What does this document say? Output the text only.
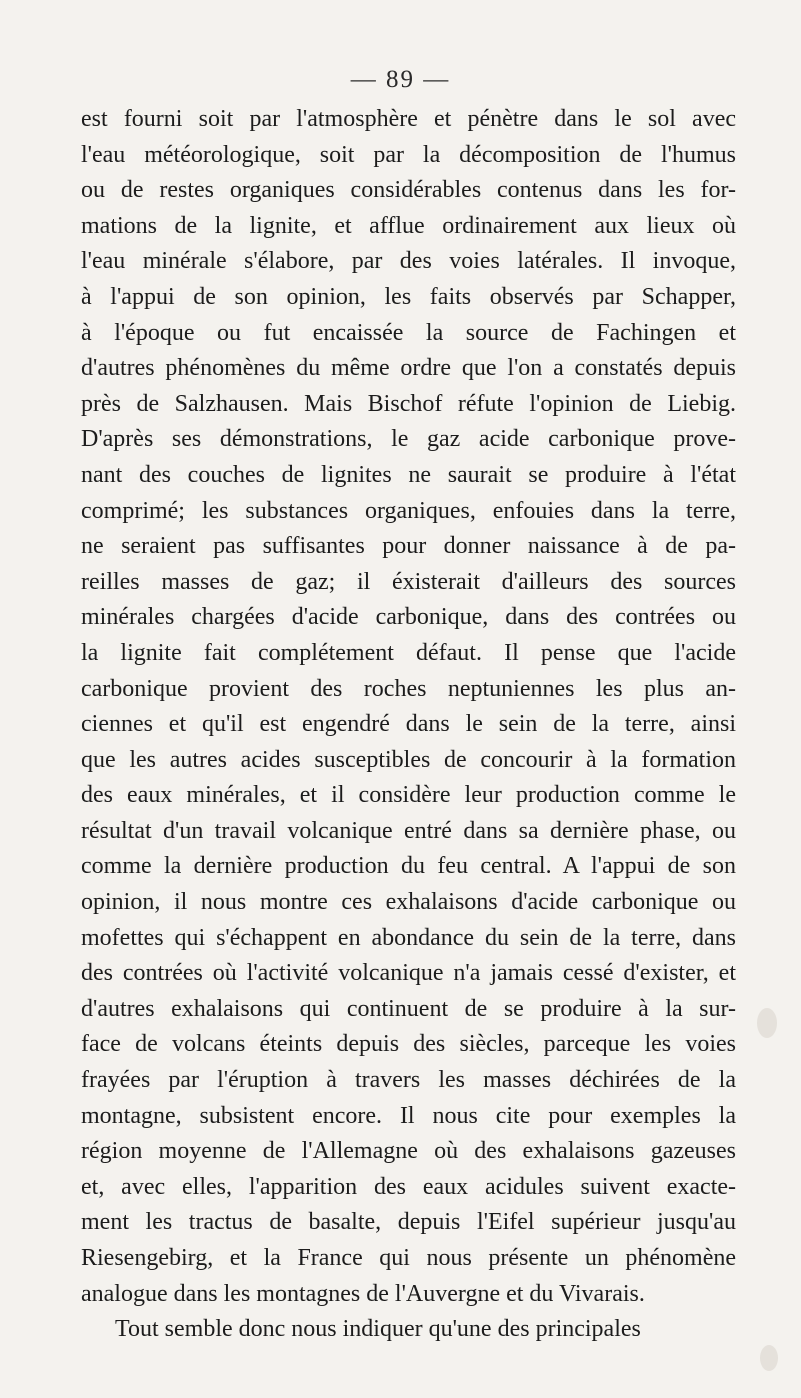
— 89 —
est fourni soit par l'atmosphère et pénètre dans le sol avec
l'eau météorologique, soit par la décomposition de l'humus
ou de restes organiques considérables contenus dans les for-
mations de la lignite, et afflue ordinairement aux lieux où
l'eau minérale s'élabore, par des voies latérales. Il invoque,
à l'appui de son opinion, les faits observés par Schapper,
à l'époque ou fut encaissée la source de Fachingen et
d'autres phénomènes du même ordre que l'on a constatés depuis
près de Salzhausen. Mais Bischof réfute l'opinion de Liebig.
D'après ses démonstrations, le gaz acide carbonique prove-
nant des couches de lignites ne saurait se produire à l'état
comprimé; les substances organiques, enfouies dans la terre,
ne seraient pas suffisantes pour donner naissance à de pa-
reilles masses de gaz; il éxisterait d'ailleurs des sources
minérales chargées d'acide carbonique, dans des contrées ou
la lignite fait complétement défaut. Il pense que l'acide
carbonique provient des roches neptuniennes les plus an-
ciennes et qu'il est engendré dans le sein de la terre, ainsi
que les autres acides susceptibles de concourir à la formation
des eaux minérales, et il considère leur production comme le
résultat d'un travail volcanique entré dans sa dernière phase, ou
comme la dernière production du feu central. A l'appui de son
opinion, il nous montre ces exhalaisons d'acide carbonique ou
mofettes qui s'échappent en abondance du sein de la terre, dans
des contrées où l'activité volcanique n'a jamais cessé d'exister, et
d'autres exhalaisons qui continuent de se produire à la sur-
face de volcans éteints depuis des siècles, parceque les voies
frayées par l'éruption à travers les masses déchirées de la
montagne, subsistent encore. Il nous cite pour exemples la
région moyenne de l'Allemagne où des exhalaisons gazeuses
et, avec elles, l'apparition des eaux acidules suivent exacte-
ment les tractus de basalte, depuis l'Eifel supérieur jusqu'au
Riesengebirg, et la France qui nous présente un phénomène
analogue dans les montagnes de l'Auvergne et du Vivarais.
Tout semble donc nous indiquer qu'une des principales
